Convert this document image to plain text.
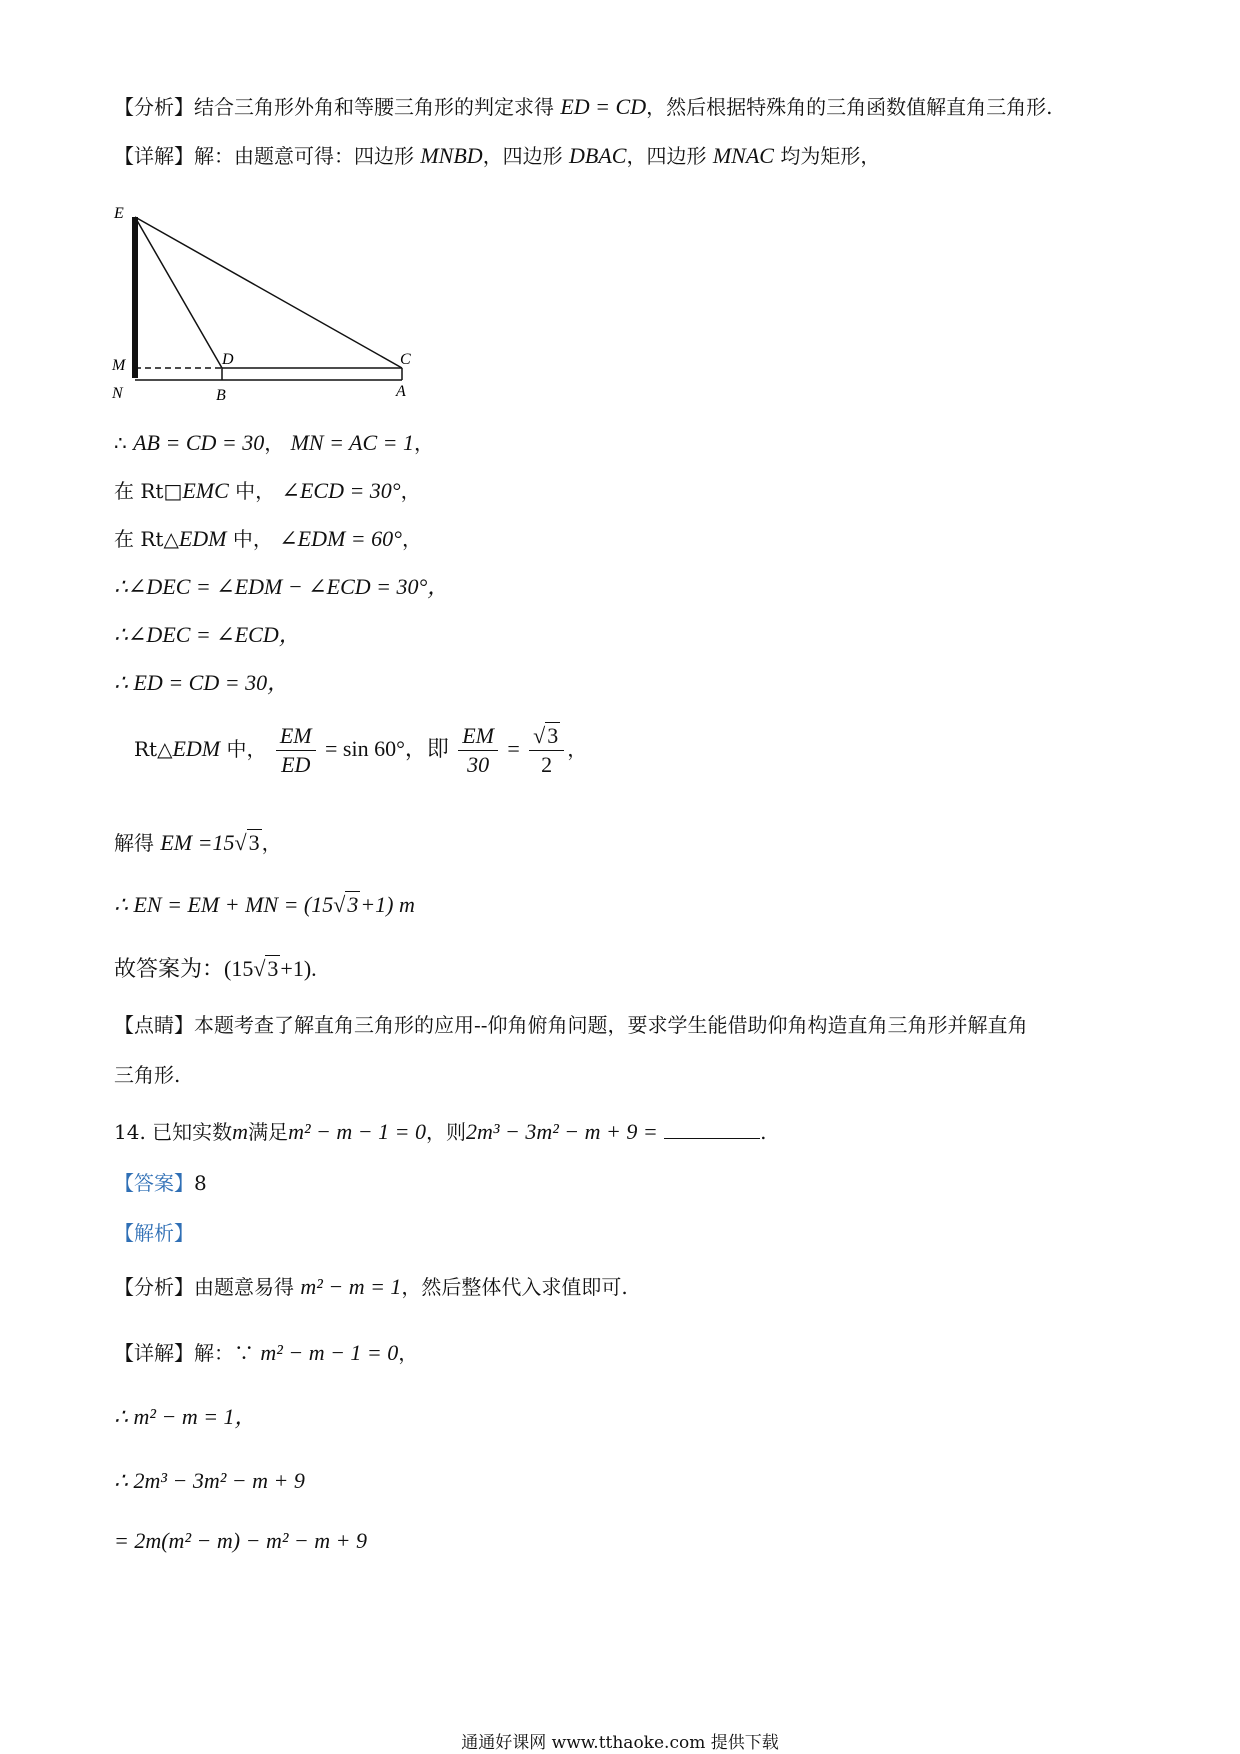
【分析】结合三角形外角和等腰三角形的判定求得 ED = CD，然后根据特殊角的三角函数值解直角三角形.
【详解】解：由题意可得：四边形 MNBD，四边形 DBAC，四边形 MNAC 均为矩形，
E
M
N
D
B
C
A
∴ AB = CD = 30， MN = AC = 1，
在 Rt□EMC 中， ∠ECD = 30°，
在 Rt△EDM 中， ∠EDM = 60°，
∴∠DEC = ∠EDM − ∠ECD = 30°，
∴∠DEC = ∠ECD，
∴ ED = CD = 30，
Rt△EDM 中， $\frac{EM}{ED} = \sin 60^\circ$，即 $\frac{EM}{30} = \frac{√3}{2}$ ，
解得 EM =15√3 ，
∴ EN = EM + MN = (15√3+1) m
故答案为：(15√3+1).
【点睛】本题考查了解直角三角形的应用--仰角俯角问题，要求学生能借助仰角构造直角三角形并解直角
三角形.
14. 已知实数m满足m² − m − 1 = 0，则2m³ − 3m² − m + 9 =	.
【答案】8
【解析】
【分析】由题意易得 m² − m = 1，然后整体代入求值即可.
【详解】解：∵ m² − m − 1 = 0，
∴ m² − m = 1，
∴ 2m³ − 3m² − m + 9
= 2m(m² − m) − m² − m + 9
通通好课网 www.tthaoke.com 提供下载
